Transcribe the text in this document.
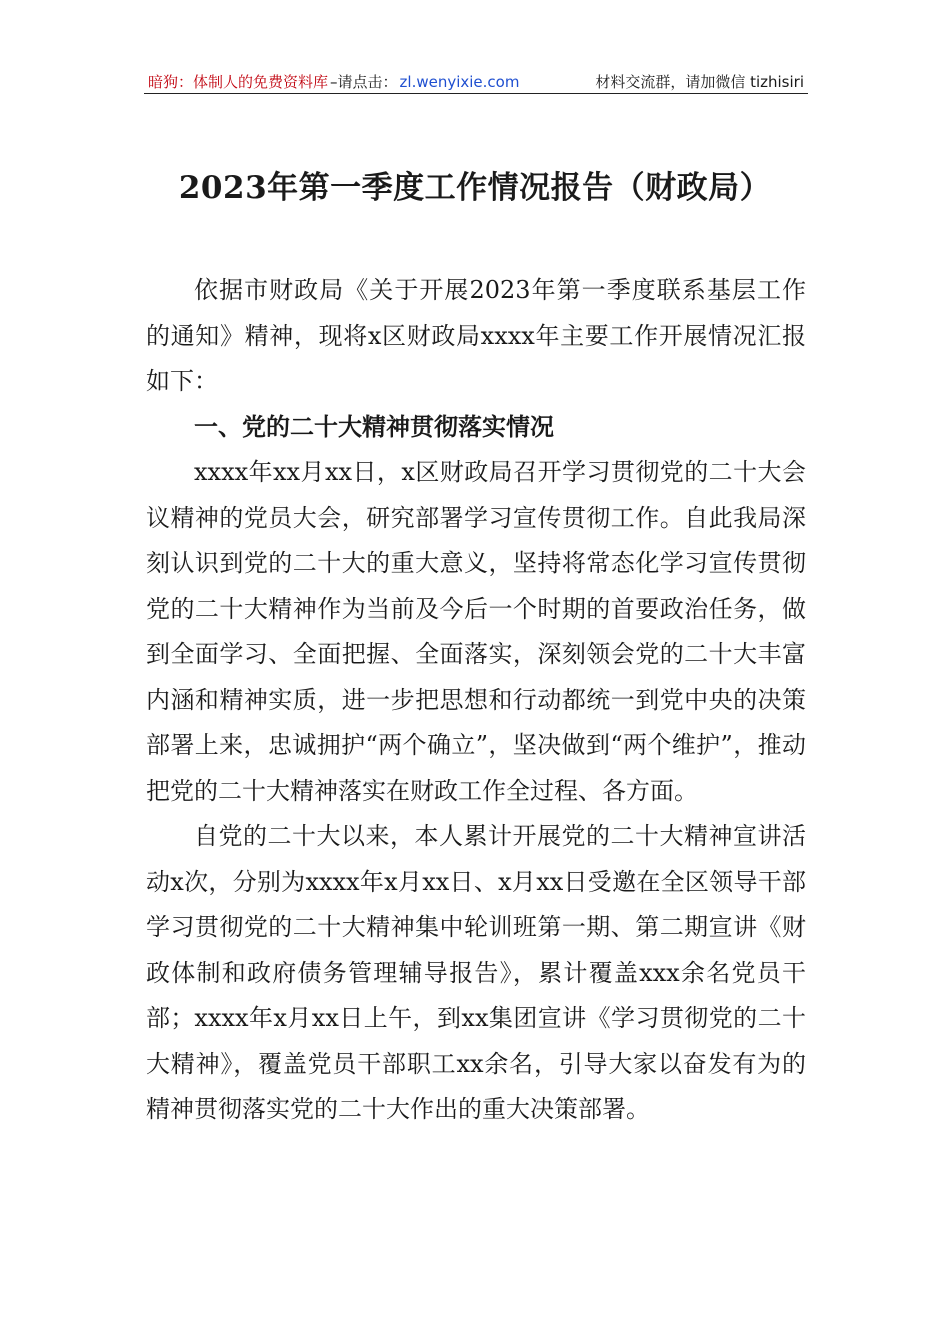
暗狗：体制人的免费资料库 –请点击： zl.wenyixie.com	材料交流群，请加微信 tizhisiri
2023年第一季度工作情况报告（财政局）

依据市财政局《关于开展2023年第一季度联系基层工作的通知》精神，现将x区财政局xxxx年主要工作开展情况汇报如下：

一、党的二十大精神贯彻落实情况

xxxx年xx月xx日，x区财政局召开学习贯彻党的二十大会议精神的党员大会，研究部署学习宣传贯彻工作。自此我局深刻认识到党的二十大的重大意义，坚持将常态化学习宣传贯彻党的二十大精神作为当前及今后一个时期的首要政治任务，做到全面学习、全面把握、全面落实，深刻领会党的二十大丰富内涵和精神实质，进一步把思想和行动都统一到党中央的决策部署上来，忠诚拥护“两个确立”，坚决做到“两个维护”，推动把党的二十大精神落实在财政工作全过程、各方面。

自党的二十大以来，本人累计开展党的二十大精神宣讲活动x次，分别为xxxx年x月xx日、x月xx日受邀在全区领导干部学习贯彻党的二十大精神集中轮训班第一期、第二期宣讲《财政体制和政府债务管理辅导报告》，累计覆盖xxx余名党员干部；xxxx年x月xx日上午，到xx集团宣讲《学习贯彻党的二十大精神》，覆盖党员干部职工xx余名，引导大家以奋发有为的精神贯彻落实党的二十大作出的重大决策部署。
